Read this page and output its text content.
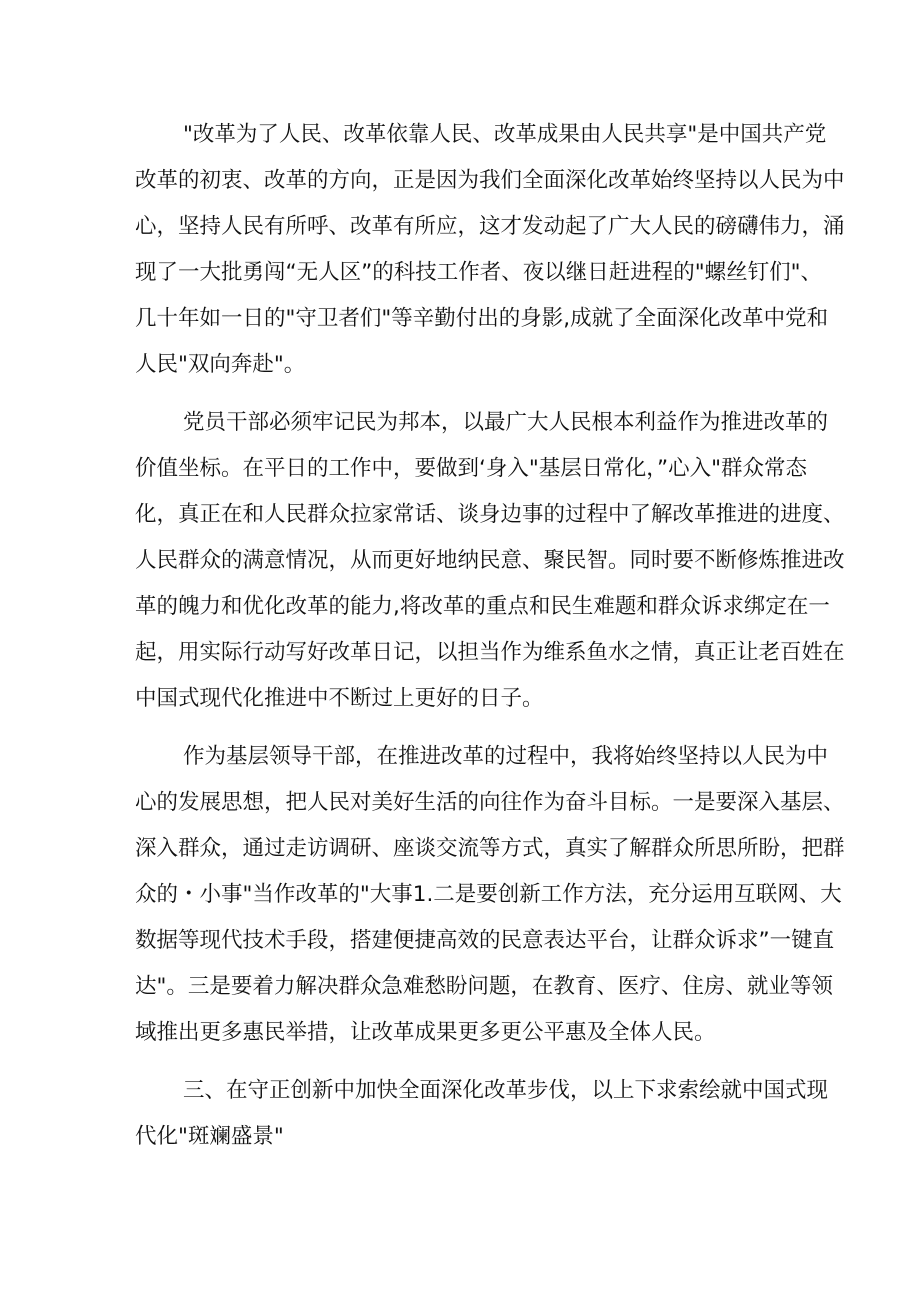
"改革为了人民、改革依靠人民、改革成果由人民共享"是中国共产党
改革的初衷、改革的方向，正是因为我们全面深化改革始终坚持以人民为中
心，坚持人民有所呼、改革有所应，这才发动起了广大人民的磅礴伟力，涌
现了一大批勇闯“无人区”的科技工作者、夜以继日赶进程的"螺丝钉们"、
几十年如一日的"守卫者们"等辛勤付出的身影,成就了全面深化改革中党和
人民"双向奔赴"。
党员干部必须牢记民为邦本，以最广大人民根本利益作为推进改革的
价值坐标。在平日的工作中，要做到‘身入"基层日常化，”心入"群众常态
化，真正在和人民群众拉家常话、谈身边事的过程中了解改革推进的进度、
人民群众的满意情况，从而更好地纳民意、聚民智。同时要不断修炼推进改
革的魄力和优化改革的能力,将改革的重点和民生难题和群众诉求绑定在一
起，用实际行动写好改革日记，以担当作为维系鱼水之情，真正让老百姓在
中国式现代化推进中不断过上更好的日子。
作为基层领导干部，在推进改革的过程中，我将始终坚持以人民为中
心的发展思想，把人民对美好生活的向往作为奋斗目标。一是要深入基层、
深入群众，通过走访调研、座谈交流等方式，真实了解群众所思所盼，把群
众的・小事"当作改革的"大事1.二是要创新工作方法，充分运用互联网、大
数据等现代技术手段，搭建便捷高效的民意表达平台，让群众诉求”一键直
达"。三是要着力解决群众急难愁盼问题，在教育、医疗、住房、就业等领
域推出更多惠民举措，让改革成果更多更公平惠及全体人民。
三、在守正创新中加快全面深化改革步伐，以上下求索绘就中国式现
代化"斑斓盛景"
